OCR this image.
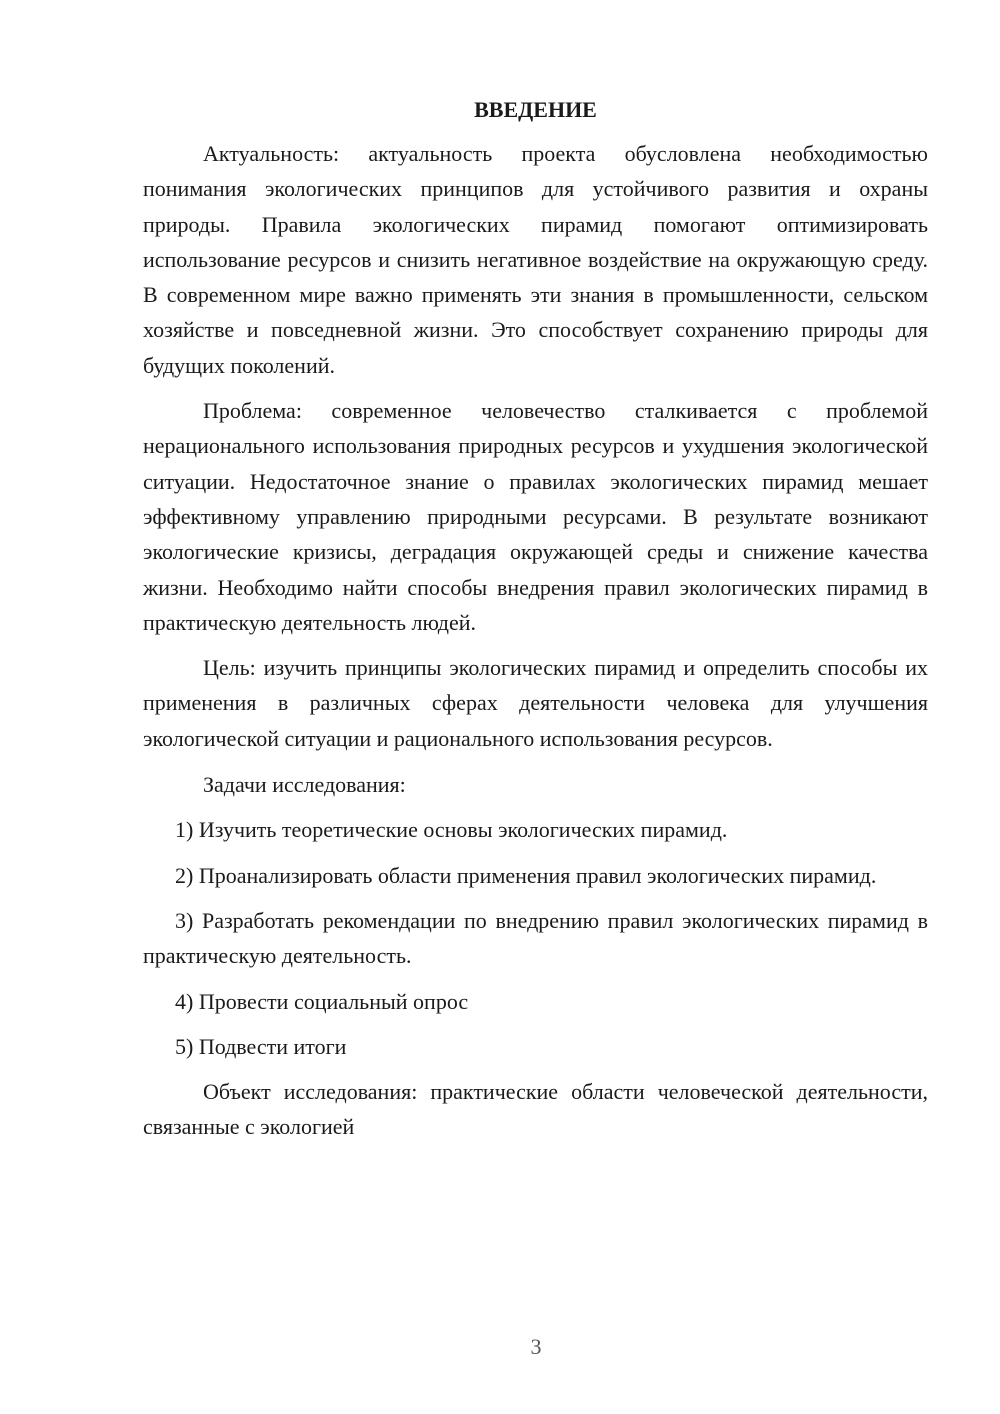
ВВЕДЕНИЕ

Актуальность: актуальность проекта обусловлена необходимостью понимания экологических принципов для устойчивого развития и охраны природы. Правила экологических пирамид помогают оптимизировать использование ресурсов и снизить негативное воздействие на окружающую среду. В современном мире важно применять эти знания в промышленности, сельском хозяйстве и повседневной жизни. Это способствует сохранению природы для будущих поколений.

Проблема: современное человечество сталкивается с проблемой нерационального использования природных ресурсов и ухудшения экологической ситуации. Недостаточное знание о правилах экологических пирамид мешает эффективному управлению природными ресурсами. В результате возникают экологические кризисы, деградация окружающей среды и снижение качества жизни. Необходимо найти способы внедрения правил экологических пирамид в практическую деятельность людей.

Цель: изучить принципы экологических пирамид и определить способы их применения в различных сферах деятельности человека для улучшения экологической ситуации и рационального использования ресурсов.

Задачи исследования:

1) Изучить теоретические основы экологических пирамид.

2) Проанализировать области применения правил экологических пирамид.

3) Разработать рекомендации по внедрению правил экологических пирамид в практическую деятельность.

4) Провести социальный опрос

5) Подвести итоги

Объект исследования: практические области человеческой деятельности, связанные с экологией

3
